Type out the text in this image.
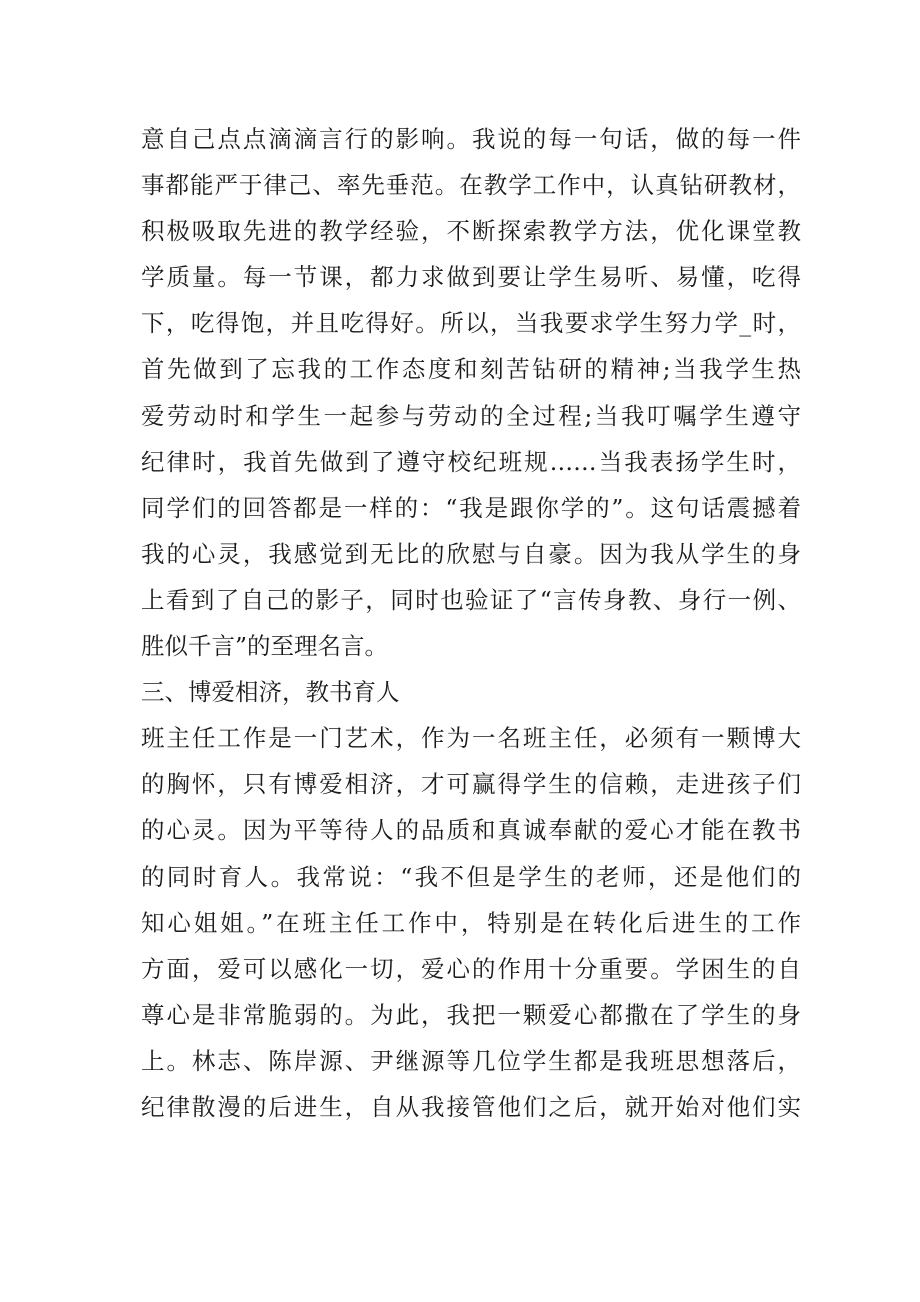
意自己点点滴滴言行的影响。我说的每一句话，做的每一件
事都能严于律己、率先垂范。在教学工作中，认真钻研教材，
积极吸取先进的教学经验，不断探索教学方法，优化课堂教
学质量。每一节课，都力求做到要让学生易听、易懂，吃得
下，吃得饱，并且吃得好。所以，当我要求学生努力学_时，
首先做到了忘我的工作态度和刻苦钻研的精神;当我学生热
爱劳动时和学生一起参与劳动的全过程;当我叮嘱学生遵守
纪律时，我首先做到了遵守校纪班规……当我表扬学生时，
同学们的回答都是一样的：“我是跟你学的”。这句话震撼着
我的心灵，我感觉到无比的欣慰与自豪。因为我从学生的身
上看到了自己的影子，同时也验证了“言传身教、身行一例、
胜似千言”的至理名言。
三、博爱相济，教书育人
班主任工作是一门艺术，作为一名班主任，必须有一颗博大
的胸怀，只有博爱相济，才可赢得学生的信赖，走进孩子们
的心灵。因为平等待人的品质和真诚奉献的爱心才能在教书
的同时育人。我常说：“我不但是学生的老师，还是他们的
知心姐姐。”在班主任工作中，特别是在转化后进生的工作
方面，爱可以感化一切，爱心的作用十分重要。学困生的自
尊心是非常脆弱的。为此，我把一颗爱心都撒在了学生的身
上。林志、陈岸源、尹继源等几位学生都是我班思想落后，
纪律散漫的后进生，自从我接管他们之后，就开始对他们实
